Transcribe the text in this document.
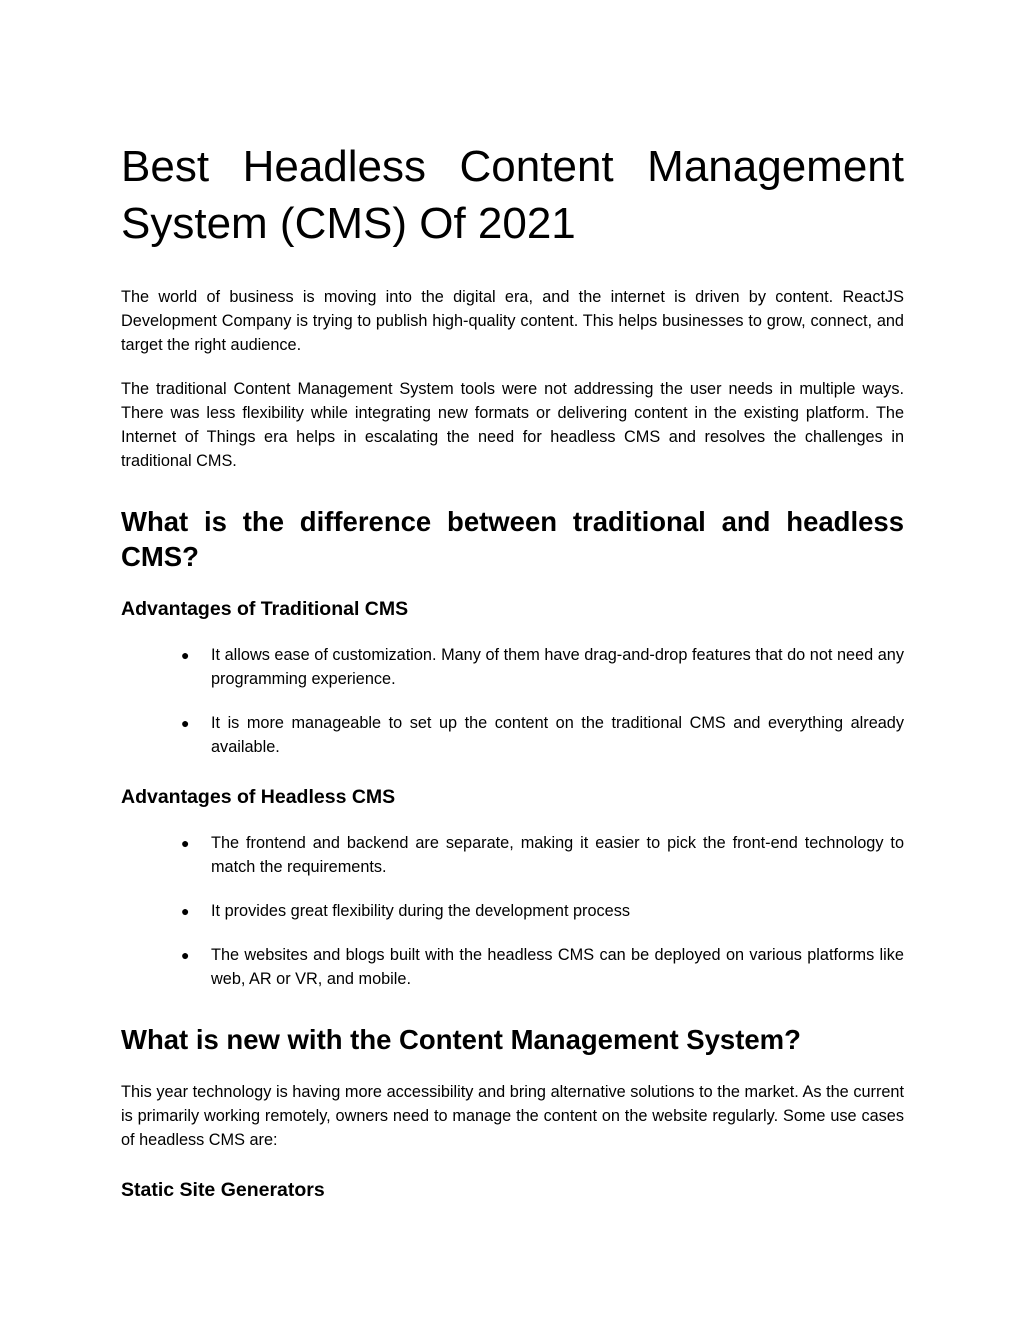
Best Headless Content Management System (CMS) Of 2021

The world of business is moving into the digital era, and the internet is driven by content. ReactJS Development Company is trying to publish high-quality content. This helps businesses to grow, connect, and target the right audience.

The traditional Content Management System tools were not addressing the user needs in multiple ways. There was less flexibility while integrating new formats or delivering content in the existing platform. The Internet of Things era helps in escalating the need for headless CMS and resolves the challenges in traditional CMS.

What is the difference between traditional and headless CMS?
Advantages of Traditional CMS
● It allows ease of customization. Many of them have drag-and-drop features that do not need any programming experience.
● It is more manageable to set up the content on the traditional CMS and everything already available.
Advantages of Headless CMS
● The frontend and backend are separate, making it easier to pick the front-end technology to match the requirements.
● It provides great flexibility during the development process
● The websites and blogs built with the headless CMS can be deployed on various platforms like web, AR or VR, and mobile.
What is new with the Content Management System?

This year technology is having more accessibility and bring alternative solutions to the market. As the current is primarily working remotely, owners need to manage the content on the website regularly. Some use cases of headless CMS are:

Static Site Generators
